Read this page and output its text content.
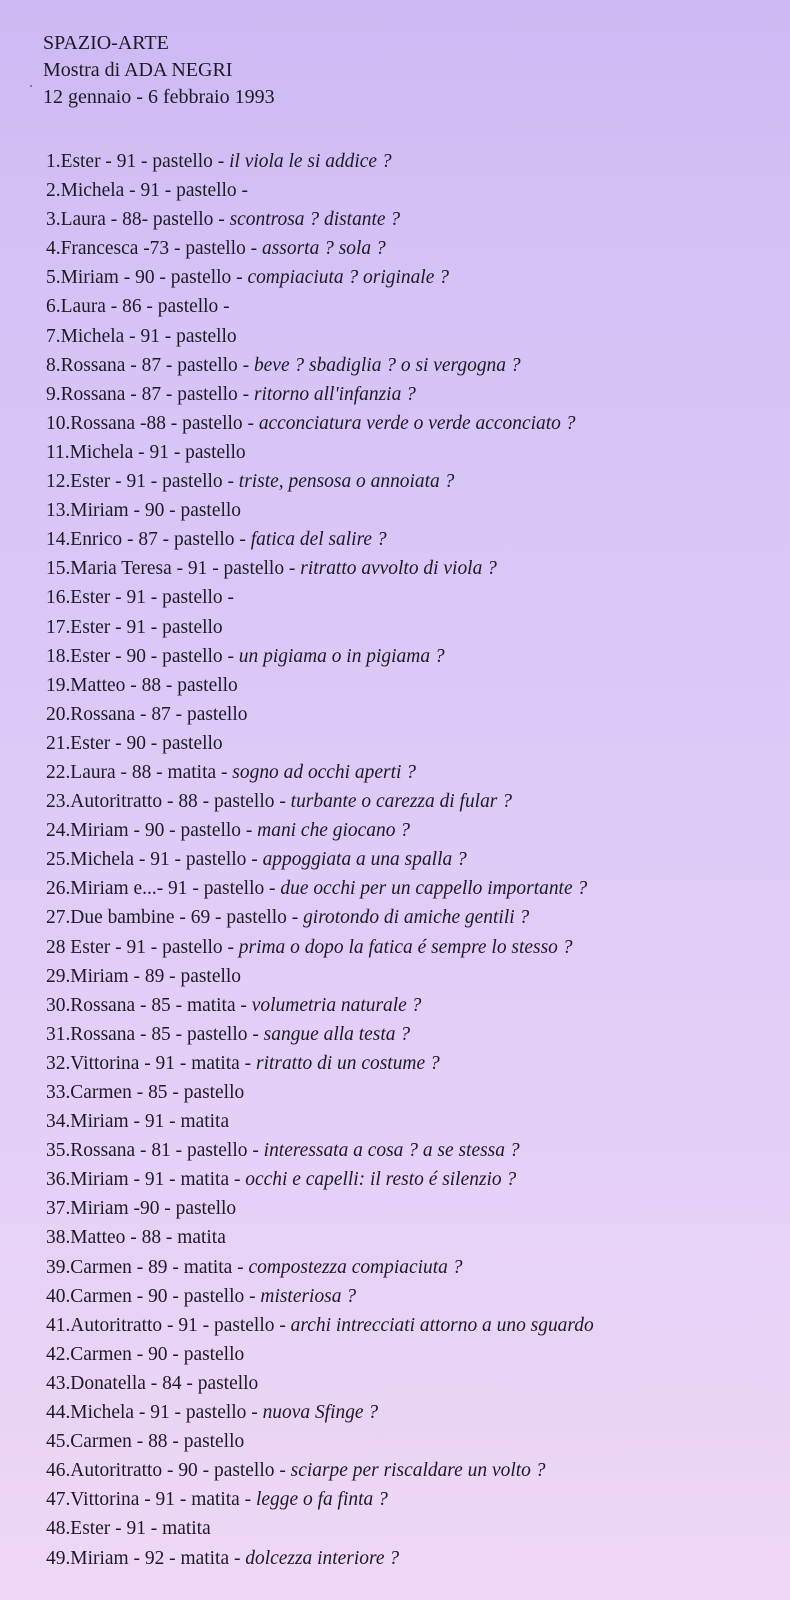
SPAZIO-ARTE
Mostra di ADA NEGRI
12 gennaio - 6 febbraio 1993
1.Ester - 91 - pastello - il viola le si addice ?
2.Michela - 91 - pastello -
3.Laura - 88- pastello - scontrosa ? distante ?
4.Francesca -73 - pastello - assorta ? sola ?
5.Miriam - 90 - pastello - compiaciuta ? originale ?
6.Laura - 86 - pastello -
7.Michela - 91 - pastello
8.Rossana - 87 - pastello - beve ? sbadiglia ? o si vergogna ?
9.Rossana - 87 - pastello - ritorno all'infanzia ?
10.Rossana -88 - pastello - acconciatura verde o verde acconciato ?
11.Michela - 91 - pastello
12.Ester - 91 - pastello - triste, pensosa o annoiata ?
13.Miriam - 90 - pastello
14.Enrico - 87 - pastello - fatica del salire ?
15.Maria Teresa - 91 - pastello - ritratto avvolto di viola ?
16.Ester - 91 - pastello -
17.Ester - 91 - pastello
18.Ester - 90 - pastello - un pigiama o in pigiama ?
19.Matteo - 88 - pastello
20.Rossana - 87 - pastello
21.Ester - 90 - pastello
22.Laura - 88 - matita - sogno ad occhi aperti ?
23.Autoritratto - 88 - pastello - turbante o carezza di fular ?
24.Miriam - 90 - pastello - mani che giocano ?
25.Michela - 91 - pastello - appoggiata a una spalla ?
26.Miriam e...- 91 - pastello - due occhi per un cappello importante ?
27.Due bambine - 69 - pastello - girotondo di amiche gentili ?
28 Ester - 91 - pastello - prima o dopo la fatica é sempre lo stesso ?
29.Miriam - 89 - pastello
30.Rossana - 85 - matita - volumetria naturale ?
31.Rossana - 85 - pastello - sangue alla testa ?
32.Vittorina - 91 - matita - ritratto di un costume ?
33.Carmen - 85 - pastello
34.Miriam - 91 - matita
35.Rossana - 81 - pastello - interessata a cosa ? a se stessa ?
36.Miriam - 91 - matita - occhi e capelli: il resto é silenzio ?
37.Miriam -90 - pastello
38.Matteo - 88 - matita
39.Carmen - 89 - matita - compostezza compiaciuta ?
40.Carmen - 90 - pastello - misteriosa ?
41.Autoritratto - 91 - pastello - archi intrecciati attorno a uno sguardo
42.Carmen - 90 - pastello
43.Donatella - 84 - pastello
44.Michela - 91 - pastello - nuova Sfinge ?
45.Carmen - 88 - pastello
46.Autoritratto - 90 - pastello - sciarpe per riscaldare un volto ?
47.Vittorina - 91 - matita - legge o fa finta ?
48.Ester - 91 - matita
49.Miriam - 92 - matita - dolcezza interiore ?
